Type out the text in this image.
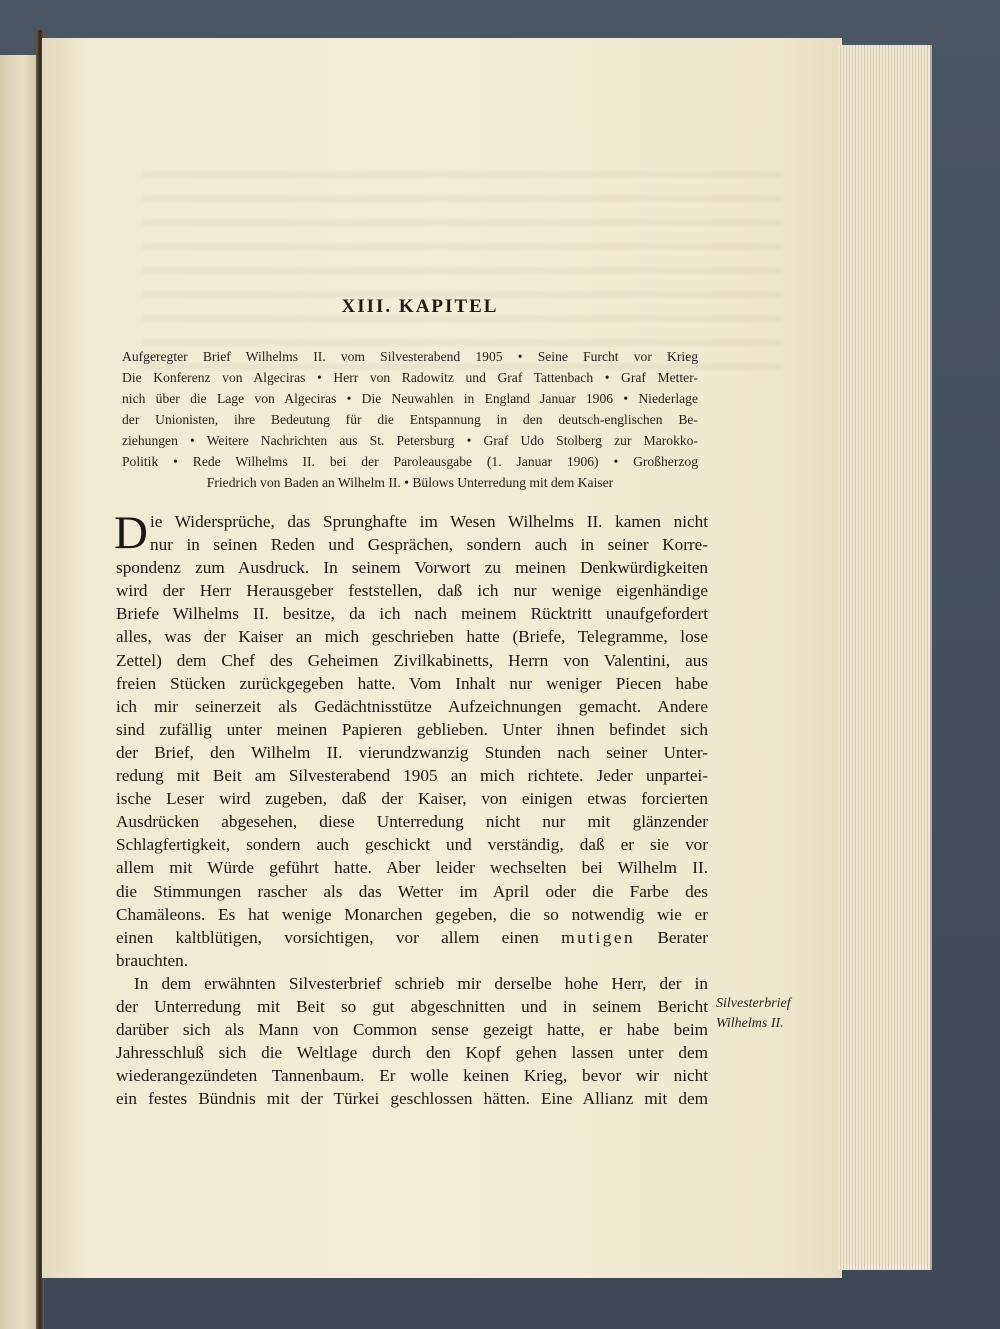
XIII. KAPITEL
Aufgeregter Brief Wilhelms II. vom Silvesterabend 1905 • Seine Furcht vor Krieg
Die Konferenz von Algeciras • Herr von Radowitz und Graf Tattenbach • Graf Metter-
nich über die Lage von Algeciras • Die Neuwahlen in England Januar 1906 • Niederlage
der Unionisten, ihre Bedeutung für die Entspannung in den deutsch-englischen Be-
ziehungen • Weitere Nachrichten aus St. Petersburg • Graf Udo Stolberg zur Marokko-
Politik • Rede Wilhelms II. bei der Paroleausgabe (1. Januar 1906) • Großherzog
Friedrich von Baden an Wilhelm II. • Bülows Unterredung mit dem Kaiser
D ie Widersprüche, das Sprunghafte im Wesen Wilhelms II. kamen nicht
nur in seinen Reden und Gesprächen, sondern auch in seiner Korre-
spondenz zum Ausdruck. In seinem Vorwort zu meinen Denkwürdigkeiten
wird der Herr Herausgeber feststellen, daß ich nur wenige eigenhändige
Briefe Wilhelms II. besitze, da ich nach meinem Rücktritt unaufgefordert
alles, was der Kaiser an mich geschrieben hatte (Briefe, Telegramme, lose
Zettel) dem Chef des Geheimen Zivilkabinetts, Herrn von Valentini, aus
freien Stücken zurückgegeben hatte. Vom Inhalt nur weniger Piecen habe
ich mir seinerzeit als Gedächtnisstütze Aufzeichnungen gemacht. Andere
sind zufällig unter meinen Papieren geblieben. Unter ihnen befindet sich
der Brief, den Wilhelm II. vierundzwanzig Stunden nach seiner Unter-
redung mit Beit am Silvesterabend 1905 an mich richtete. Jeder unpartei-
ische Leser wird zugeben, daß der Kaiser, von einigen etwas forcierten
Ausdrücken abgesehen, diese Unterredung nicht nur mit glänzender
Schlagfertigkeit, sondern auch geschickt und verständig, daß er sie vor
allem mit Würde geführt hatte. Aber leider wechselten bei Wilhelm II.
die Stimmungen rascher als das Wetter im April oder die Farbe des
Chamäleons. Es hat wenige Monarchen gegeben, die so notwendig wie er
einen kaltblütigen, vorsichtigen, vor allem einen mutigen Berater
brauchten.
In dem erwähnten Silvesterbrief schrieb mir derselbe hohe Herr, der in
der Unterredung mit Beit so gut abgeschnitten und in seinem Bericht
darüber sich als Mann von Common sense gezeigt hatte, er habe beim
Jahresschluß sich die Weltlage durch den Kopf gehen lassen unter dem
wiederangezündeten Tannenbaum. Er wolle keinen Krieg, bevor wir nicht
ein festes Bündnis mit der Türkei geschlossen hätten. Eine Allianz mit dem
Silvesterbrief
Wilhelms II.
